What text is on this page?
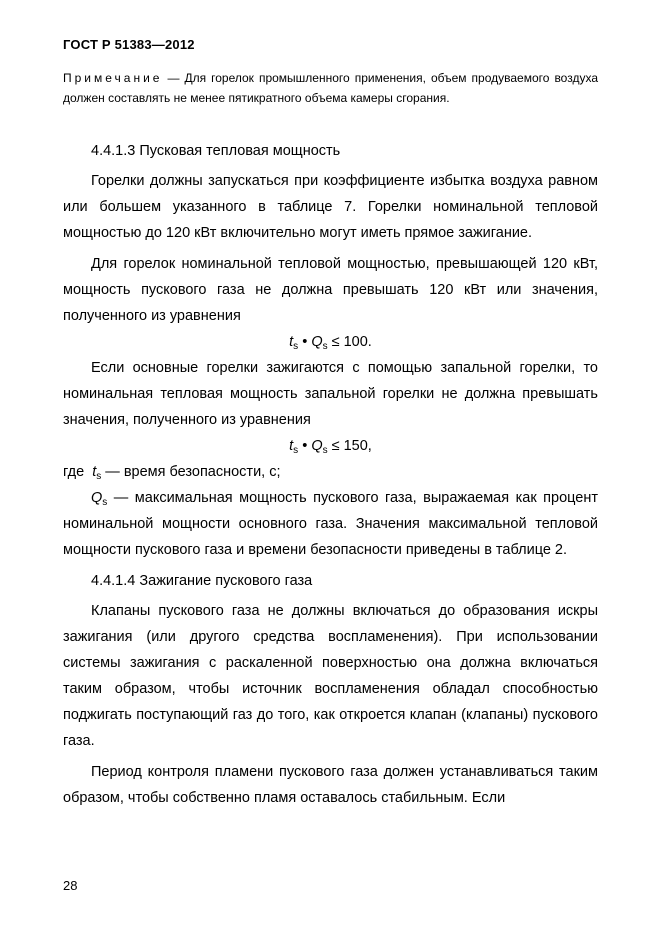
ГОСТ Р 51383—2012
Примечание — Для горелок промышленного применения, объем продуваемого воздуха должен составлять не менее пятикратного объема камеры сгорания.

4.4.1.3 Пусковая тепловая мощность

Горелки должны запускаться при коэффициенте избытка воздуха равном или большем указанного в таблице 7. Горелки номинальной тепловой мощностью до 120 кВт включительно могут иметь прямое зажигание.

Для горелок номинальной тепловой мощностью, превышающей 120 кВт, мощность пускового газа не должна превышать 120 кВт или значения, полученного из уравнения

$t_s$ • $Q_s \le 100$.

Если основные горелки зажигаются с помощью запальной горелки, то номинальная тепловая мощность запальной горелки не должна превышать значения, полученного из уравнения

$t_s$ • $Q_s \le 150$,

где  $t_s$ — время безопасности, с;

$Q_s$ — максимальная мощность пускового газа, выражаемая как процент номинальной мощности основного газа. Значения максимальной тепловой мощности пускового газа и времени безопасности приведены в таблице 2.

4.4.1.4 Зажигание пускового газа

Клапаны пускового газа не должны включаться до образования искры зажигания (или другого средства воспламенения). При использовании системы зажигания с раскаленной поверхностью она должна включаться таким образом, чтобы источник воспламенения обладал способностью поджигать поступающий газ до того, как откроется клапан (клапаны) пускового газа.

Период контроля пламени пускового газа должен устанавливаться таким образом, чтобы собственно пламя оставалось стабильным. Если

28
